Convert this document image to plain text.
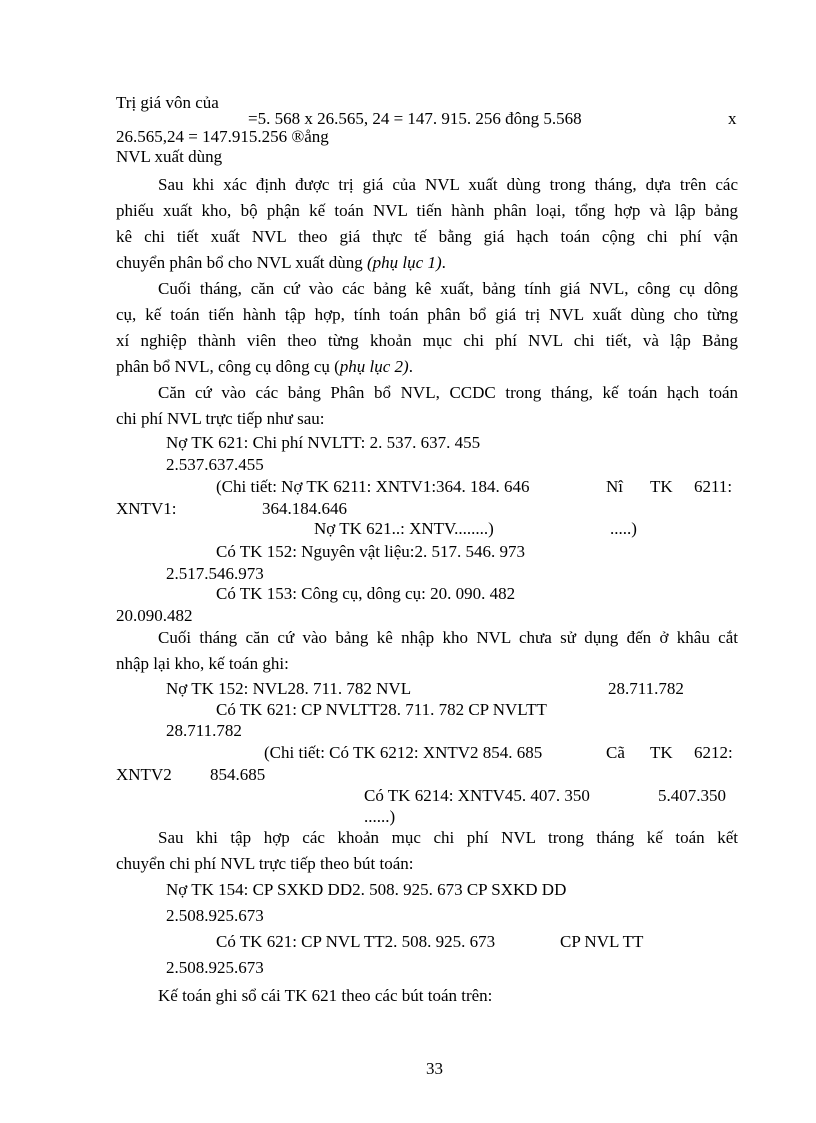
Trị giá vôn của
=5. 568 x 26.565, 24 = 147. 915. 256 đông 5.568	x
26.565,24 = 147.915.256 ®ång
NVL xuất dùng
Sau khi xác định được trị giá của NVL xuất dùng trong tháng, dựa trên các
phiếu xuất kho, bộ phận kế toán NVL tiến hành phân loại, tổng hợp và lập bảng
kê chi tiết xuất NVL theo giá thực tế bằng giá hạch toán cộng chi phí vận
chuyển phân bổ cho NVL xuất dùng (phụ lục 1).
Cuối tháng, căn cứ vào các bảng kê xuất, bảng tính giá NVL, công cụ dông
cụ, kế toán tiến hành tập hợp, tính toán phân bổ giá trị NVL xuất dùng cho từng
xí nghiệp thành viên theo từng khoản mục chi phí NVL chi tiết, và lập Bảng
phân bổ NVL, công cụ dông cụ (phụ lục 2).
Căn cứ vào các bảng Phân bổ NVL, CCDC trong tháng, kế toán hạch toán
chi phí NVL trực tiếp như sau:
Nợ TK 621: Chi phí NVLTT: 2. 537. 637. 455
2.537.637.455
(Chi tiết: Nợ TK 6211: XNTV1:364. 184. 646	Nî TK 6211:
XNTV1:	364.184.646
Nợ TK 621..: XNTV........)	.....)
Có TK 152: Nguyên vật liệu:2. 517. 546. 973
2.517.546.973
Có TK 153: Công cụ, dông cụ: 20. 090. 482
20.090.482
Cuối tháng căn cứ vào bảng kê nhập kho NVL chưa sử dụng đến ở khâu cắt
nhập lại kho, kế toán ghi:
Nợ TK 152: NVL28. 711. 782 NVL	28.711.782
Có TK 621: CP NVLTT28. 711. 782 CP NVLTT
28.711.782
(Chi tiết: Có TK 6212: XNTV2 854. 685	Cã TK 6212:
XNTV2 854.685
Có TK 6214: XNTV45. 407. 350	5.407.350
......)
Sau khi tập hợp các khoản mục chi phí NVL trong tháng kế toán kết
chuyển chi phí NVL trực tiếp theo bút toán:
Nợ TK 154: CP SXKD DD2. 508. 925. 673 CP SXKD DD
2.508.925.673
Có TK 621: CP NVL TT2. 508. 925. 673	CP NVL TT
2.508.925.673
Kế toán ghi sổ cái TK 621 theo các bút toán trên:
33
